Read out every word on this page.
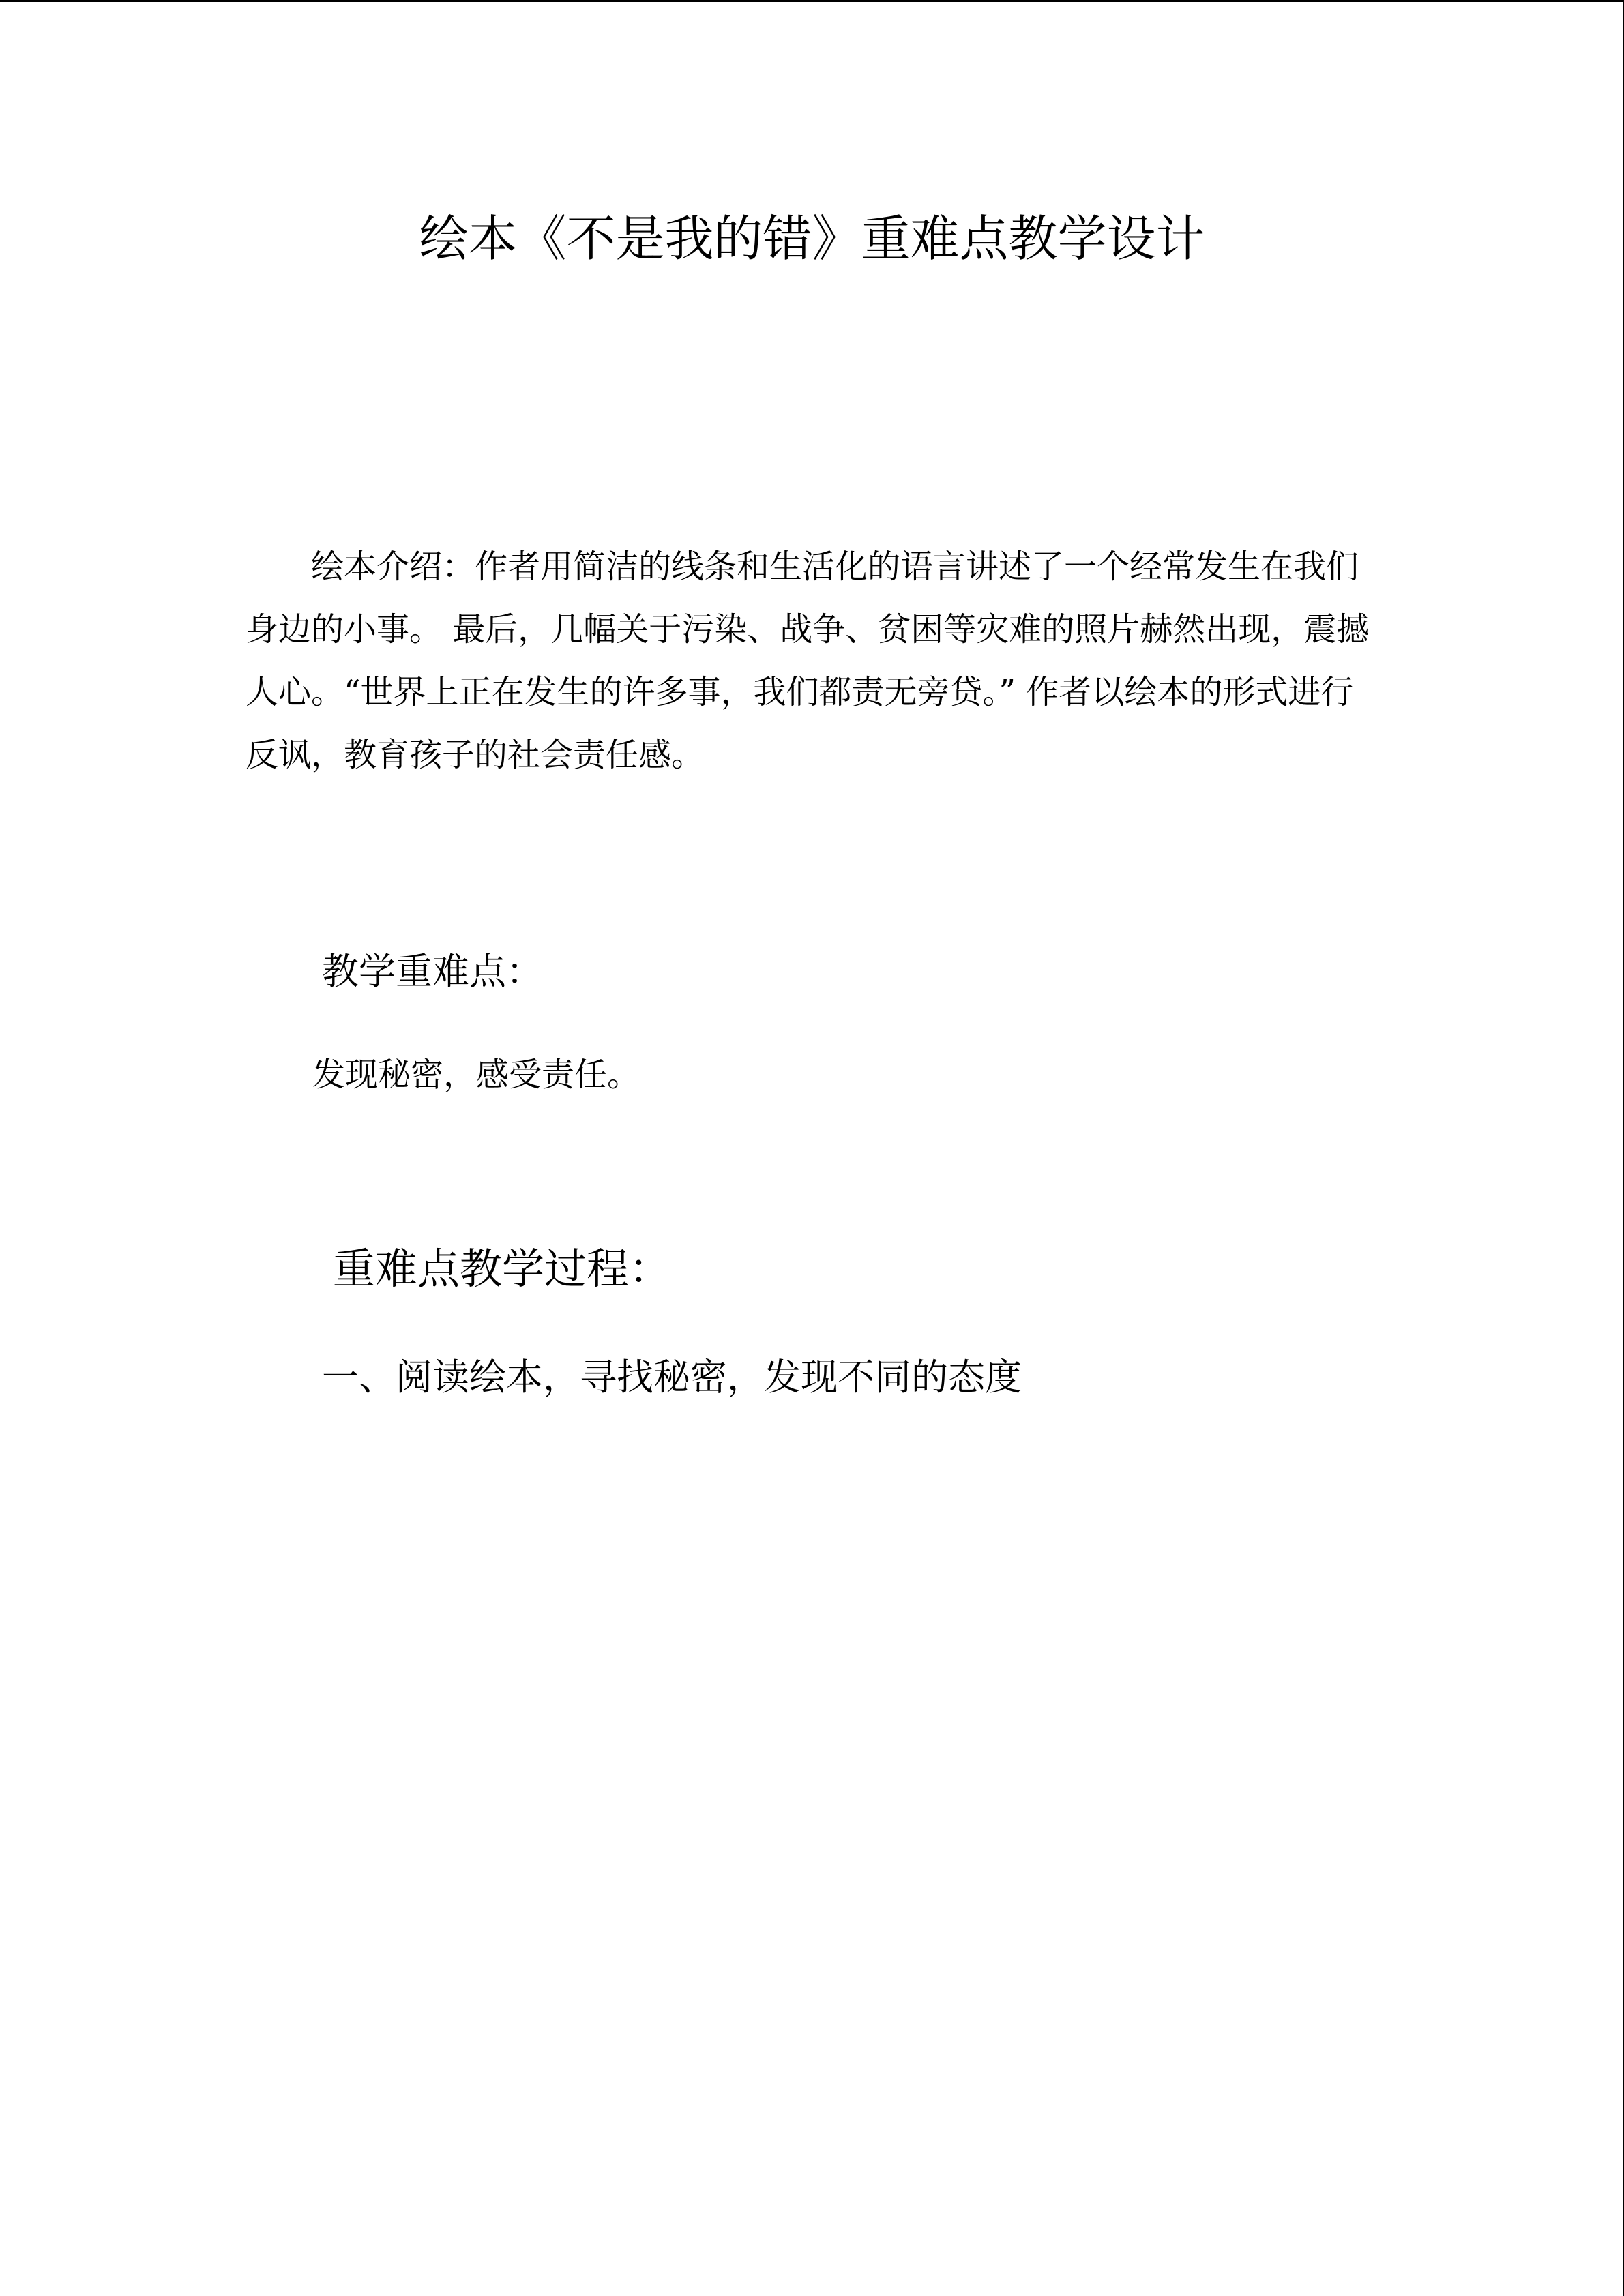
绘本《不是我的错》重难点教学设计
绘本介绍：作者用简洁的线条和生活化的语言讲述了一个经常发生在我们
身边的小事。 最后，几幅关于污染、战争、贫困等灾难的照片赫然出现，震撼
人心。“世界上正在发生的许多事，我们都责无旁贷。” 作者以绘本的形式进行
反讽，教育孩子的社会责任感。
教学重难点：

发现秘密，感受责任。

重难点教学过程：
一、阅读绘本，寻找秘密，发现不同的态度
